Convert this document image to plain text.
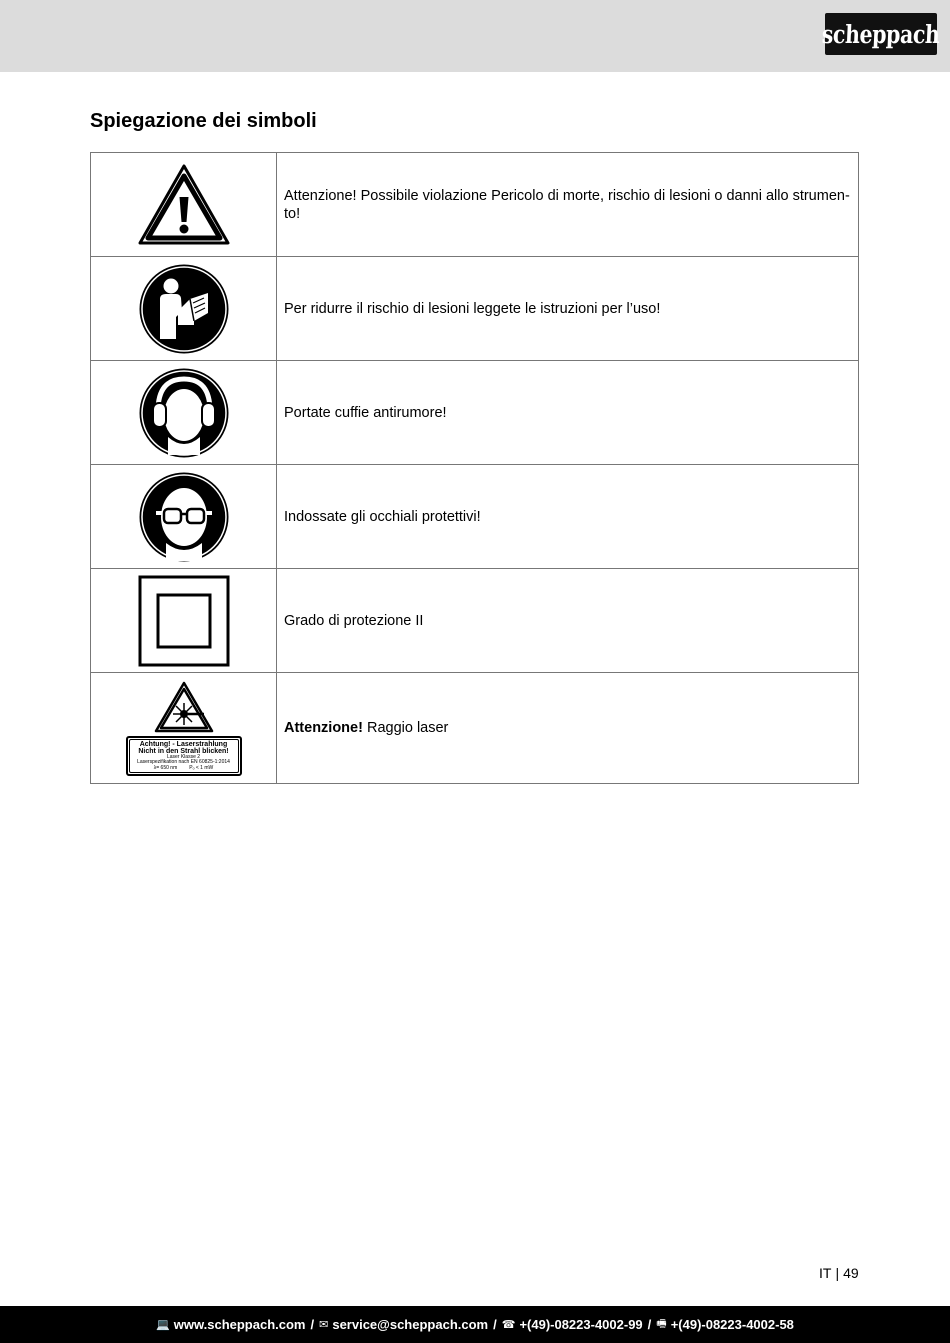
scheppach
Spiegazione dei simboli
	Attenzione! Possibile violazione Pericolo di morte, rischio di lesioni o danni allo strumen-to!

	Per ridurre il rischio di lesioni leggete le istruzioni per l’uso!

	Portate cuffie antirumore!

	Indossate gli occhiali protettivi!

	Grado di protezione II

Achtung! - Laserstrahlung
Nicht in den Strahl blicken!
Laser Klasse 2
Laserspezifikation nach EN 60825-1:2014
λ= 650 nm Pₒ < 1 mW	Attenzione! Raggio laser
IT | 49
💻 www.scheppach.com / ✉ service@scheppach.com / ☎ +(49)-08223-4002-99 / 🖷 +(49)-08223-4002-58
